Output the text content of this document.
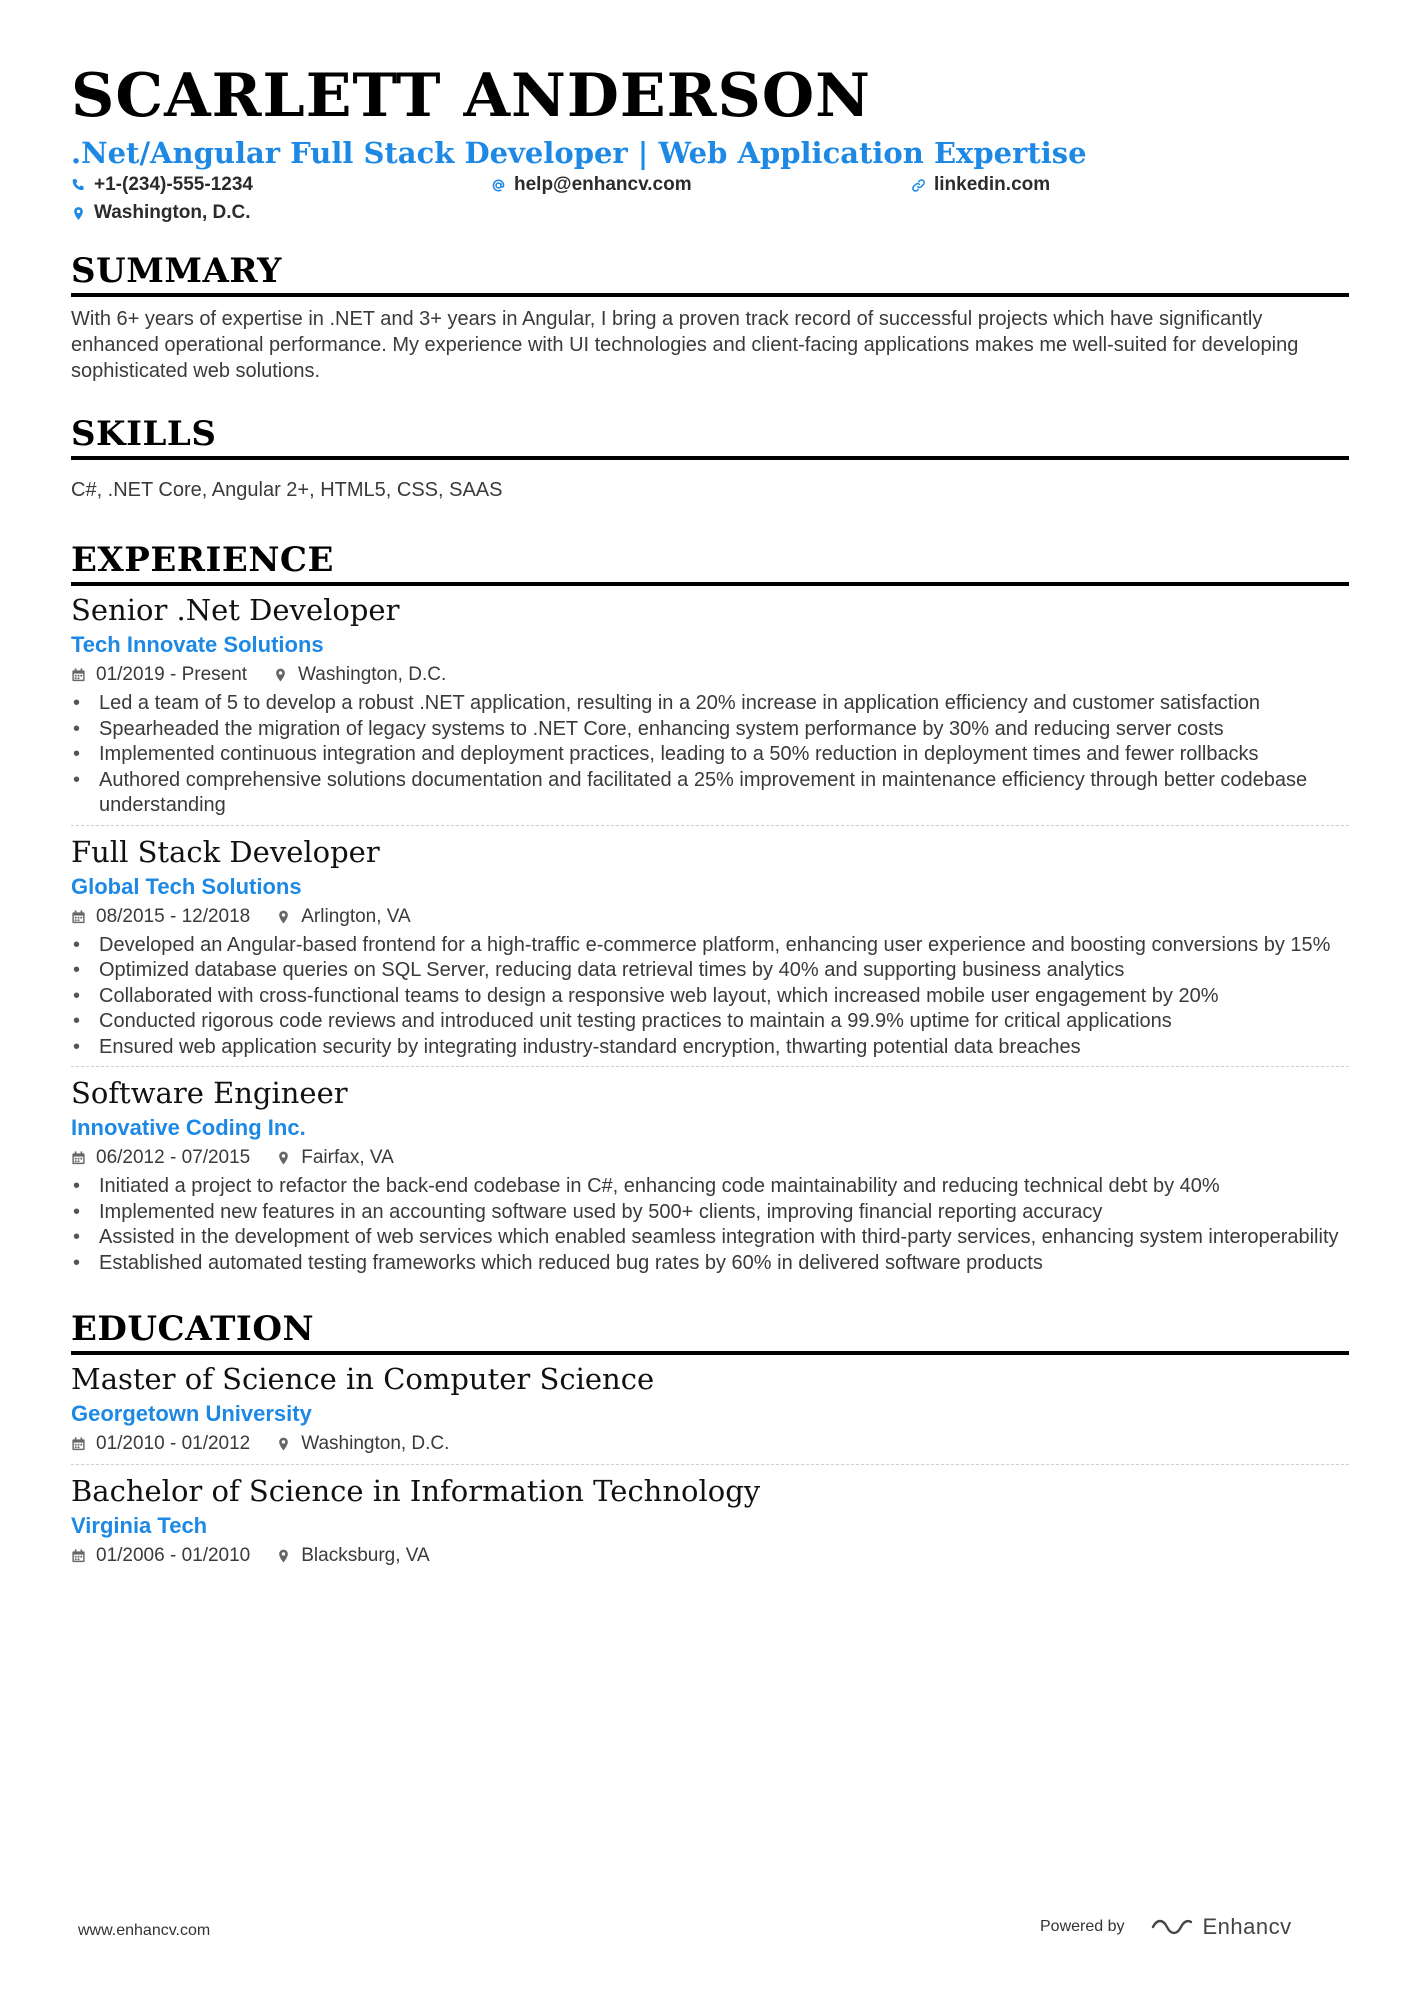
SCARLETT ANDERSON
.Net/Angular Full Stack Developer | Web Application Expertise
+1-(234)-555-1234	help@enhancv.com	linkedin.com
Washington, D.C.
SUMMARY
With 6+ years of expertise in .NET and 3+ years in Angular, I bring a proven track record of successful projects which have significantly enhanced operational performance. My experience with UI technologies and client-facing applications makes me well-suited for developing sophisticated web solutions.
SKILLS
C#, .NET Core, Angular 2+, HTML5, CSS, SAAS
EXPERIENCE
Senior .Net Developer
Tech Innovate Solutions
01/2019 - Present	Washington, D.C.
• Led a team of 5 to develop a robust .NET application, resulting in a 20% increase in application efficiency and customer satisfaction
• Spearheaded the migration of legacy systems to .NET Core, enhancing system performance by 30% and reducing server costs
• Implemented continuous integration and deployment practices, leading to a 50% reduction in deployment times and fewer rollbacks
• Authored comprehensive solutions documentation and facilitated a 25% improvement in maintenance efficiency through better codebase understanding
Full Stack Developer
Global Tech Solutions
08/2015 - 12/2018	Arlington, VA
• Developed an Angular-based frontend for a high-traffic e-commerce platform, enhancing user experience and boosting conversions by 15%
• Optimized database queries on SQL Server, reducing data retrieval times by 40% and supporting business analytics
• Collaborated with cross-functional teams to design a responsive web layout, which increased mobile user engagement by 20%
• Conducted rigorous code reviews and introduced unit testing practices to maintain a 99.9% uptime for critical applications
• Ensured web application security by integrating industry-standard encryption, thwarting potential data breaches
Software Engineer
Innovative Coding Inc.
06/2012 - 07/2015	Fairfax, VA
• Initiated a project to refactor the back-end codebase in C#, enhancing code maintainability and reducing technical debt by 40%
• Implemented new features in an accounting software used by 500+ clients, improving financial reporting accuracy
• Assisted in the development of web services which enabled seamless integration with third-party services, enhancing system interoperability
• Established automated testing frameworks which reduced bug rates by 60% in delivered software products
EDUCATION
Master of Science in Computer Science
Georgetown University
01/2010 - 01/2012	Washington, D.C.
Bachelor of Science in Information Technology
Virginia Tech
01/2006 - 01/2010	Blacksburg, VA
www.enhancv.com	Powered by	Enhancv
